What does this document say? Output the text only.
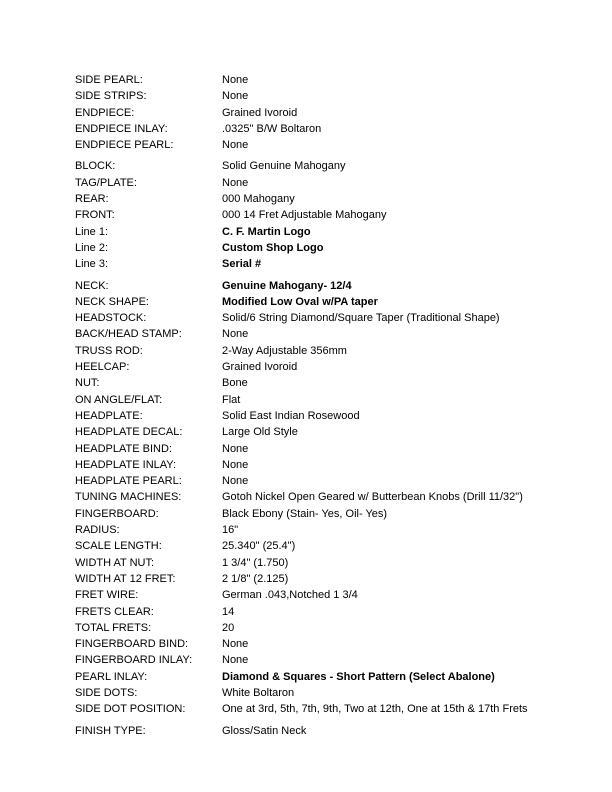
SIDE PEARL:	None
SIDE STRIPS:	None
ENDPIECE:	Grained Ivoroid
ENDPIECE INLAY:	.0325" B/W Boltaron
ENDPIECE PEARL:	None
BLOCK:	Solid Genuine Mahogany
TAG/PLATE:	None
REAR:	000 Mahogany
FRONT:	000 14 Fret Adjustable Mahogany
Line 1:	C. F. Martin Logo
Line 2:	Custom Shop Logo
Line 3:	Serial #
NECK:	Genuine Mahogany- 12/4
NECK SHAPE:	Modified Low Oval w/PA taper
HEADSTOCK:	Solid/6 String Diamond/Square Taper (Traditional Shape)
BACK/HEAD STAMP:	None
TRUSS ROD:	2-Way Adjustable 356mm
HEELCAP:	Grained Ivoroid
NUT:	Bone
ON ANGLE/FLAT:	Flat
HEADPLATE:	Solid East Indian Rosewood
HEADPLATE DECAL:	Large Old Style
HEADPLATE BIND:	None
HEADPLATE INLAY:	None
HEADPLATE PEARL:	None
TUNING MACHINES:	Gotoh Nickel Open Geared w/ Butterbean Knobs (Drill 11/32")
FINGERBOARD:	Black Ebony (Stain- Yes, Oil- Yes)
RADIUS:	16"
SCALE LENGTH:	25.340" (25.4")
WIDTH AT NUT:	1 3/4" (1.750)
WIDTH AT 12 FRET:	2 1/8" (2.125)
FRET WIRE:	German .043,Notched 1 3/4
FRETS CLEAR:	14
TOTAL FRETS:	20
FINGERBOARD BIND:	None
FINGERBOARD INLAY:	None
PEARL INLAY:	Diamond & Squares - Short Pattern (Select Abalone)
SIDE DOTS:	White Boltaron
SIDE DOT POSITION:	One at 3rd, 5th, 7th, 9th, Two at 12th, One at 15th & 17th Frets
FINISH TYPE:	Gloss/Satin Neck
